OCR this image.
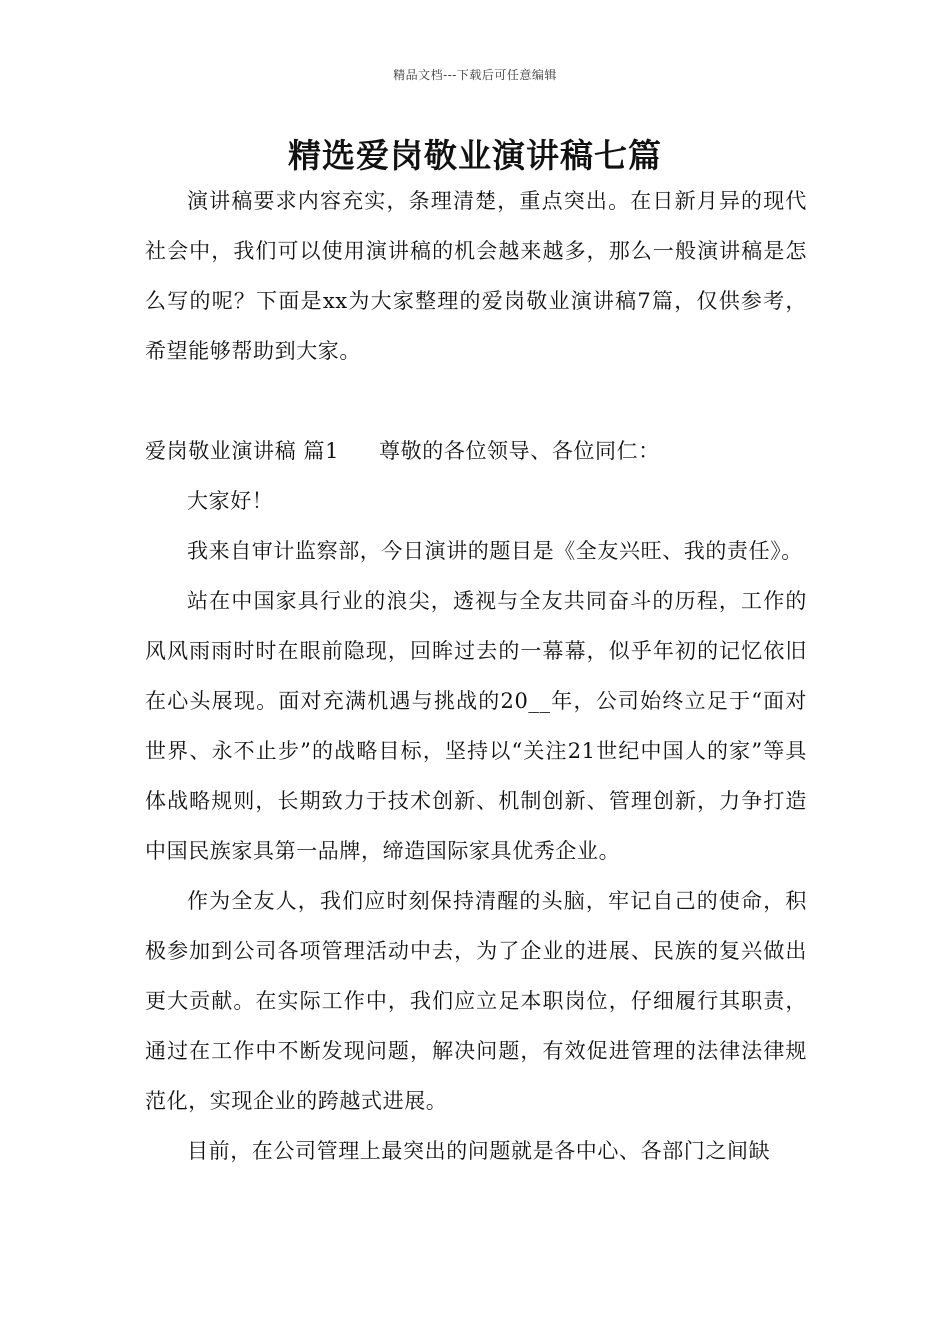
精品文档---下载后可任意编辑
精选爱岗敬业演讲稿七篇

演讲稿要求内容充实，条理清楚，重点突出。在日新月异的现代社会中，我们可以使用演讲稿的机会越来越多，那么一般演讲稿是怎么写的呢？下面是xx为大家整理的爱岗敬业演讲稿7篇，仅供参考，希望能够帮助到大家。

爱岗敬业演讲稿 篇1 尊敬的各位领导、各位同仁：

大家好！

我来自审计监察部，今日演讲的题目是《全友兴旺、我的责任》。

站在中国家具行业的浪尖，透视与全友共同奋斗的历程，工作的风风雨雨时时在眼前隐现，回眸过去的一幕幕，似乎年初的记忆依旧在心头展现。面对充满机遇与挑战的20__年，公司始终立足于“面对世界、永不止步”的战略目标，坚持以“关注21世纪中国人的家”等具体战略规则，长期致力于技术创新、机制创新、管理创新，力争打造中国民族家具第一品牌，缔造国际家具优秀企业。

作为全友人，我们应时刻保持清醒的头脑，牢记自己的使命，积极参加到公司各项管理活动中去，为了企业的进展、民族的复兴做出更大贡献。在实际工作中，我们应立足本职岗位，仔细履行其职责，通过在工作中不断发现问题，解决问题，有效促进管理的法律法律规范化，实现企业的跨越式进展。

目前，在公司管理上最突出的问题就是各中心、各部门之间缺
